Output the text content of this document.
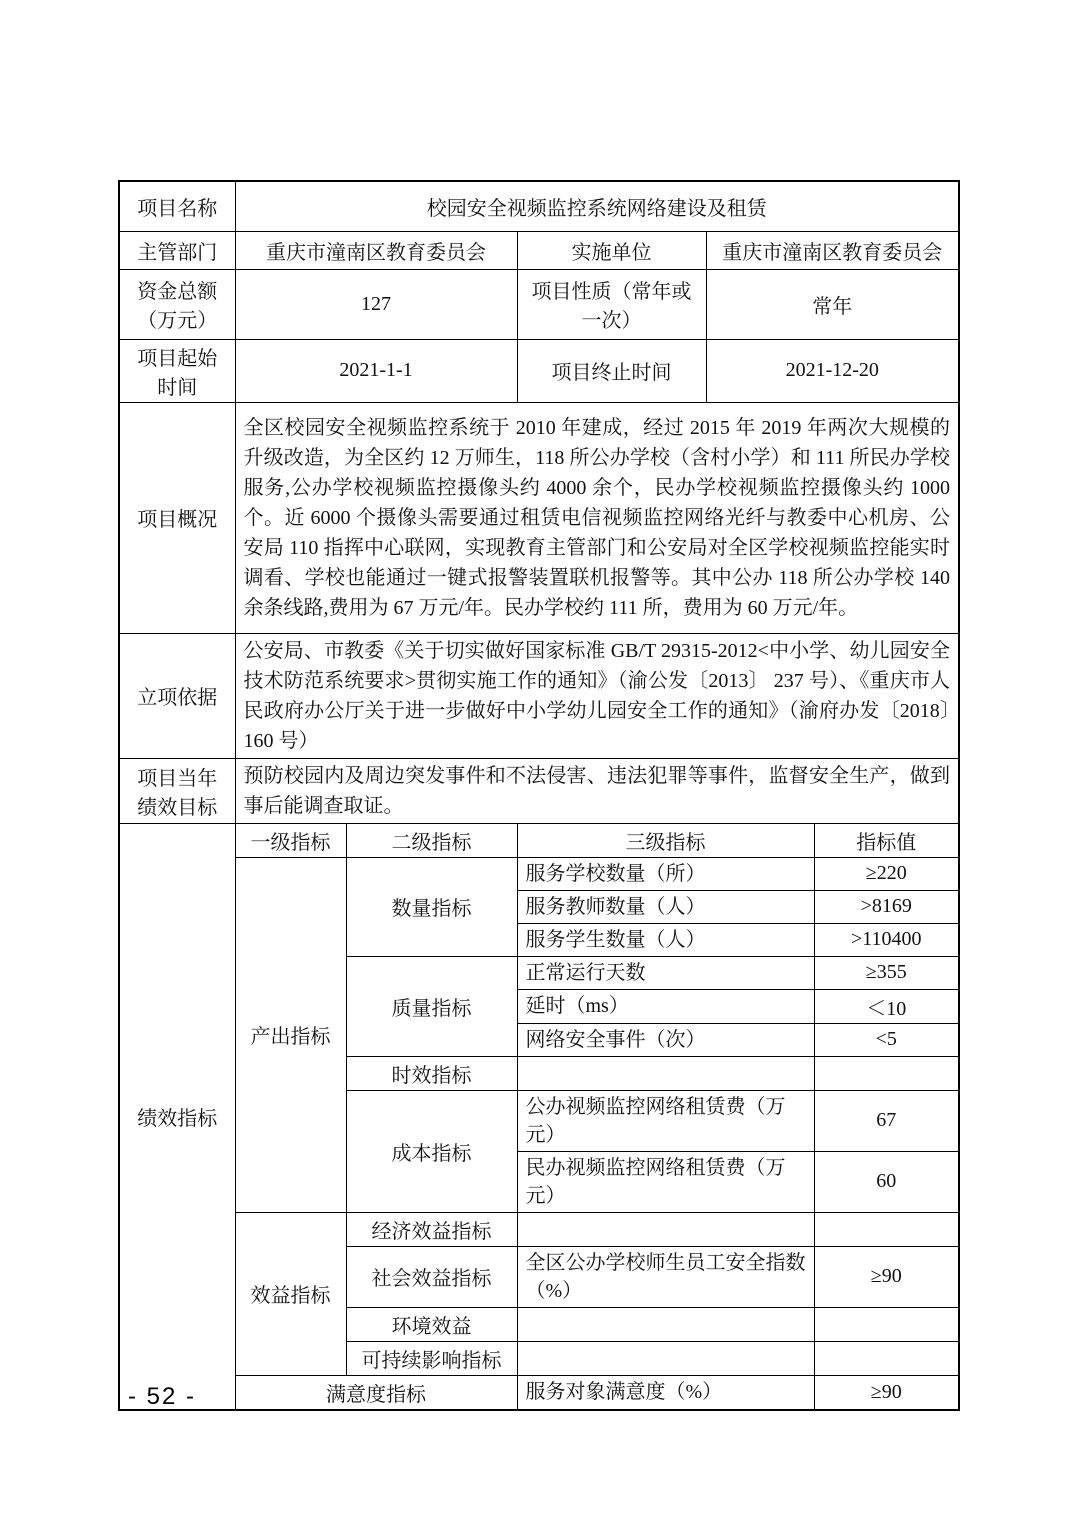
项目名称	校园安全视频监控系统网络建设及租赁				
主管部门	重庆市潼南区教育委员会		实施单位	重庆市潼南区教育委员会	
资金总额（万元）	127		项目性质（常年或一次）	常年	
项目起始时间	2021-1-1		项目终止时间	2021-12-20	
项目概况	全区校园安全视频监控系统于 2010 年建成，经过 2015 年 2019 年两次大规模的升级改造，为全区约 12 万师生，118 所公办学校（含村小学）和 111 所民办学校服务,公办学校视频监控摄像头约 4000 余个，民办学校视频监控摄像头约 1000 个。近 6000 个摄像头需要通过租赁电信视频监控网络光纤与教委中心机房、公安局 110 指挥中心联网，实现教育主管部门和公安局对全区学校视频监控能实时调看、学校也能通过一键式报警装置联机报警等。其中公办 118 所公办学校 140 余条线路,费用为 67 万元/年。民办学校约 111 所，费用为 60 万元/年。				
立项依据	公安局、市教委《关于切实做好国家标准 GB/T 29315-2012<中小学、幼儿园安全技术防范系统要求>贯彻实施工作的通知》（渝公发〔2013〕 237 号）、《重庆市人民政府办公厅关于进一步做好中小学幼儿园安全工作的通知》（渝府办发〔2018〕160 号）				
项目当年绩效目标	预防校园内及周边突发事件和不法侵害、违法犯罪等事件，监督安全生产，做到事后能调查取证。				
绩效指标	一级指标	二级指标	三级指标		指标值
	产出指标	数量指标	服务学校数量（所）		≥220
			服务教师数量（人）		>8169
			服务学生数量（人）		>110400
		质量指标	正常运行天数		≥355
			延时（ms）		＜10
			网络安全事件（次）		<5
		时效指标			
		成本指标	公办视频监控网络租赁费（万元）		67
			民办视频监控网络租赁费（万元）		60
	效益指标	经济效益指标			
		社会效益指标	全区公办学校师生员工安全指数（%）		≥90
		环境效益			
		可持续影响指标			
	满意度指标		服务对象满意度（%）		≥90
- 52 -
